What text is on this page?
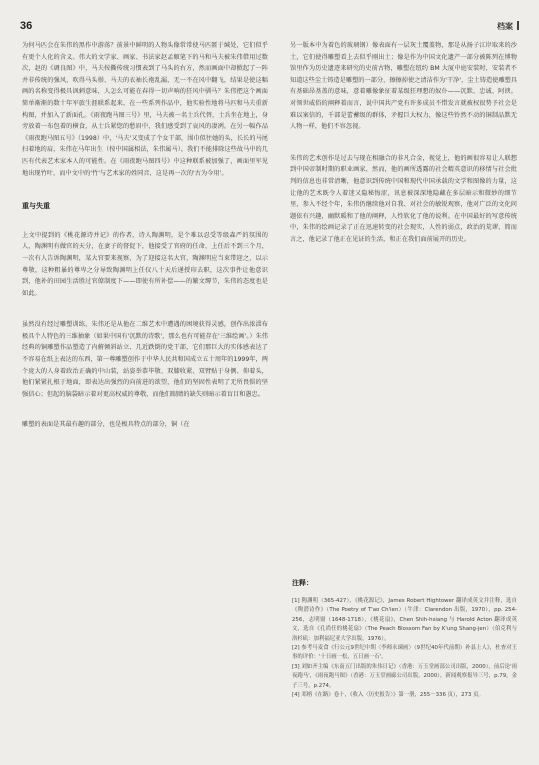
36	档案

为何马匹会在朱伟的黑作中游荡？前景中鲜明的人物头像常常使马匹匿于缄处，它们似乎有更个人化的含义。伟大的文学家、画家、书法家赵孟頫笔下的马和马夫被朱伟借用过数次，赵的《调良图》中，马夫按撕传统习惯表到了马头的右方，然而画面中却掀起了一阵并非传统的强风，吹得马头鬃、马夫的衣袖长袍乱漏，无一不在风中翻飞，结果是使这幅画的名称变得极具讽刺意味，人怎么可能在春得一切声响的狂风中驯马？朱伟把这个画面简单渐渐的数十年军旅生涯联系起来，在一些系列作品中，他实验性地将马匹和马夫重新构图，并加入了新面孔。《雨夜跑马图三号》里，马夫被一名士兵代替，士兵坐在地上，身旁放着一布包着的横食，从士兵紧惚的愁眉中，我们感受到了哀风的凄冽。在另一幅作品《雨夜跑马图五号》（1998）中，'马夫'又变成了个女干部，围巾似往她的头，长长的马尾扫着地的肩，朱伟在马年出生（按中国属相法，朱伟属马），我们不能排除这些故马中的几匹有代表艺术家本人的可能性。在《雨夜跑马图四号》中这种联系被加强了，画面里军见地出现竹叶，而中文中的'竹'与艺术家的姓同音，这是再一次的'古为今用'。

重与失重

上文中提到的《桃花源诗并记》的作者，诗人陶渊明，是个难以忍受等级森严的氛围的人，陶渊明有做官的天分，在妻子的督促下，他接受了官府的任命，上任后不到三个月，一次有人告诉陶渊明，某大官要来视察，为了迎接这名大官，陶渊明应当束带迎之，以示尊敬，这种粗暴的尊卑之分导致陶渊明上任仅八十天后递授印去职，这次事件让他意识到，他补的田园生活胜过官僚制度下——即使有所补偿——的繁文缛节，朱伟的态度也是如此。

虽然没有经过雕塑训练，朱伟还是从他在二维艺术中遭遇的困境获得灵感，创作出浓淄布极具个人特色的三维抽象（如果中国有'沉默的诗歌'，那么也有可能存在'三维绘画'。）朱伟经典的铜雕塑作品塑造了内俯倾斜站立、几近跌倒的党干部，它们那巨大的实体感表达了不容易在纸上表达的东西，第一尊雕塑创作于中华人民共和国成立五十周年的1999年，两个庞大的人身着政治正确的中山装，站姿举恭毕敬、双膝收紧、双臂贴于身侧、仰着头，他们紧紧扎根于地面，即表达出强烈的向前进的欲望，他们的坚固性表明了无所畏惧的坚强信心；但起的脑袋暗示着对更高权威的尊敬，而他们眼睛的缺失则暗示着盲目和愚忠。

雕塑的表面是其最有趣的部分，也是极具特点的部分，铜（在

另一版本中为着色的玻璃钢）像表面有一层灰土覆盖物，那是从扬子江岸取来的沙土，它们使得雕塑看上去似乎刚出土；像是作为中国文化遗产一部分被陈列在博物馆里作为历史遗迹来研究的史前古物，雕塑在纽约 BM 大厦中庭安装时，安装者不知道这些尘土铸造是雕塑的一部分，擦擦掉使之清洁作为'干净'，尘土铸造使雕塑具有基础昂基盖的意味，意着雕像象征着某级狂理想的奴仆——沉默、忠诚、阿谀。对领世威俗的阐释着而言，说中国共产党有许多成员不惜发言就被权很势予社会是难以案信的，千部是蕾蓄级的群体，矛握巨大权力，像这些铃然不动的铜制品默无人物一样，他们不容忽视。

朱伟的艺术创作是过去与现在相融合的非凡合金，视觉上，他的画很容易让人联想到中国帝制时期的职业画家，然而，他的画所透露的社会精英意识的移情与社会批判的信息也非常清晰，他意识到传统中国和现代中国承载的文学和图像的力量，这让他的艺术既令人着迷又隐秘悔涩，讯息被深深地隐藏在多层暗示和微妙的细节里，参入不经个年，朱伟仍继续他对自我、对社会的敏锐观察，他对广泛的文化问题依有兴趣，幽默暖和了他的阐释，人性软化了他的说利。在中国最好的写意传统中，朱伟的绘画记录了正在迅速转变的社会现实，人性的弱点，政治的荒谬，简而言之，他记录了他正在见证的生活，和正在我们面前展开的历史。

注释：

[1] 陶渊明（365-427），《桃花源记》，James Robert Hightower 翻译成英文并注释，选自《陶潜诗作》（The Poetry of T'ao Ch'ien）（牛津：Clarendon 出版，1970），pp. 254-256，志明窗（1648-1718），《桃花扇》，Chen Shih-hsiang 与 Harold Acton 翻译成英文，选自《孔尚任的桃花扇》（The Peach Blossom Fan by K'ung Shang-jen）（伯克利与洛杉矶：加利福尼亚大学出版，1976）。

[2] 参考马麦食《行公元9世纪中期〈李师永谏画〉（9世纪40年代前期）补县上人》，杜查对王事的评价：'十日画一松，五日画一石'。

[3] 刘如齐主编《东南五门出版的朱伟日记》（香港：万玉堂画部公司出版，2000），前后论'雨夜跑马'，《雨夜跑马图》（香港：万玉堂画廊公司出版，2000），新闻观察报导三号，p.79，金子三号，p.274。

[4] 邓榕《在路》卷十，《收入〈历史报告〉》第一册，255－336 页），273 页。
